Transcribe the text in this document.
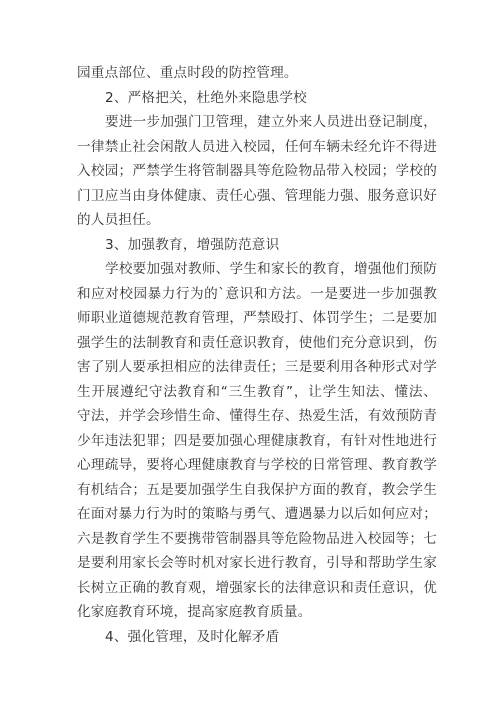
园重点部位、重点时段的防控管理。
2、严格把关，杜绝外来隐患学校
要进一步加强门卫管理，建立外来人员进出登记制度，
一律禁止社会闲散人员进入校园，任何车辆未经允许不得进
入校园；严禁学生将管制器具等危险物品带入校园；学校的
门卫应当由身体健康、责任心强、管理能力强、服务意识好
的人员担任。
3、加强教育，增强防范意识
学校要加强对教师、学生和家长的教育，增强他们预防
和应对校园暴力行为的`意识和方法。一是要进一步加强教
师职业道德规范教育管理，严禁殴打、体罚学生；二是要加
强学生的法制教育和责任意识教育，使他们充分意识到，伤
害了别人要承担相应的法律责任；三是要利用各种形式对学
生开展遵纪守法教育和“三生教育”，让学生知法、懂法、
守法，并学会珍惜生命、懂得生存、热爱生活，有效预防青
少年违法犯罪；四是要加强心理健康教育，有针对性地进行
心理疏导，要将心理健康教育与学校的日常管理、教育教学
有机结合；五是要加强学生自我保护方面的教育，教会学生
在面对暴力行为时的策略与勇气、遭遇暴力以后如何应对；
六是教育学生不要携带管制器具等危险物品进入校园等；七
是要利用家长会等时机对家长进行教育，引导和帮助学生家
长树立正确的教育观，增强家长的法律意识和责任意识，优
化家庭教育环境，提高家庭教育质量。
4、强化管理，及时化解矛盾
